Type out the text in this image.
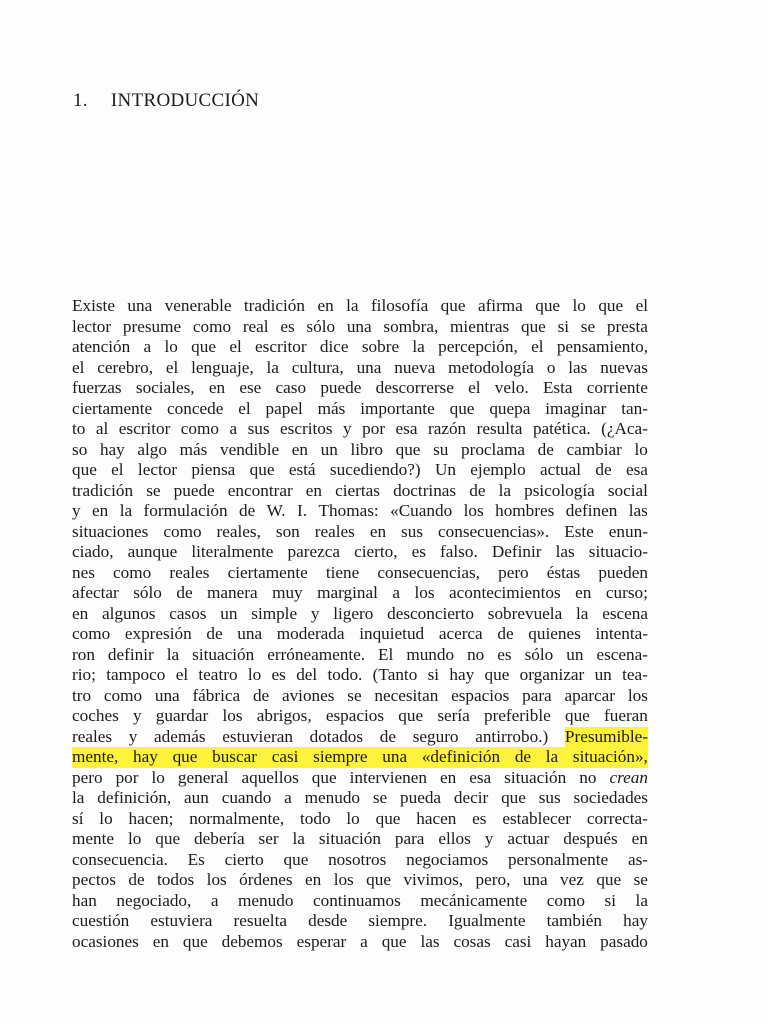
1. INTRODUCCIÓN
Existe una venerable tradición en la filosofía que afirma que lo que el
lector presume como real es sólo una sombra, mientras que si se presta
atención a lo que el escritor dice sobre la percepción, el pensamiento,
el cerebro, el lenguaje, la cultura, una nueva metodología o las nuevas
fuerzas sociales, en ese caso puede descorrerse el velo. Esta corriente
ciertamente concede el papel más importante que quepa imaginar tan-
to al escritor como a sus escritos y por esa razón resulta patética. (¿Aca-
so hay algo más vendible en un libro que su proclama de cambiar lo
que el lector piensa que está sucediendo?) Un ejemplo actual de esa
tradición se puede encontrar en ciertas doctrinas de la psicología social
y en la formulación de W. I. Thomas: «Cuando los hombres definen las
situaciones como reales, son reales en sus consecuencias». Este enun-
ciado, aunque literalmente parezca cierto, es falso. Definir las situacio-
nes como reales ciertamente tiene consecuencias, pero éstas pueden
afectar sólo de manera muy marginal a los acontecimientos en curso;
en algunos casos un simple y ligero desconcierto sobrevuela la escena
como expresión de una moderada inquietud acerca de quienes intenta-
ron definir la situación erróneamente. El mundo no es sólo un escena-
rio; tampoco el teatro lo es del todo. (Tanto si hay que organizar un tea-
tro como una fábrica de aviones se necesitan espacios para aparcar los
coches y guardar los abrigos, espacios que sería preferible que fueran
reales y además estuvieran dotados de seguro antirrobo.) Presumible-
mente, hay que buscar casi siempre una «definición de la situación»,
pero por lo general aquellos que intervienen en esa situación no crean
la definición, aun cuando a menudo se pueda decir que sus sociedades
sí lo hacen; normalmente, todo lo que hacen es establecer correcta-
mente lo que debería ser la situación para ellos y actuar después en
consecuencia. Es cierto que nosotros negociamos personalmente as-
pectos de todos los órdenes en los que vivimos, pero, una vez que se
han negociado, a menudo continuamos mecánicamente como si la
cuestión estuviera resuelta desde siempre. Igualmente también hay
ocasiones en que debemos esperar a que las cosas casi hayan pasado
